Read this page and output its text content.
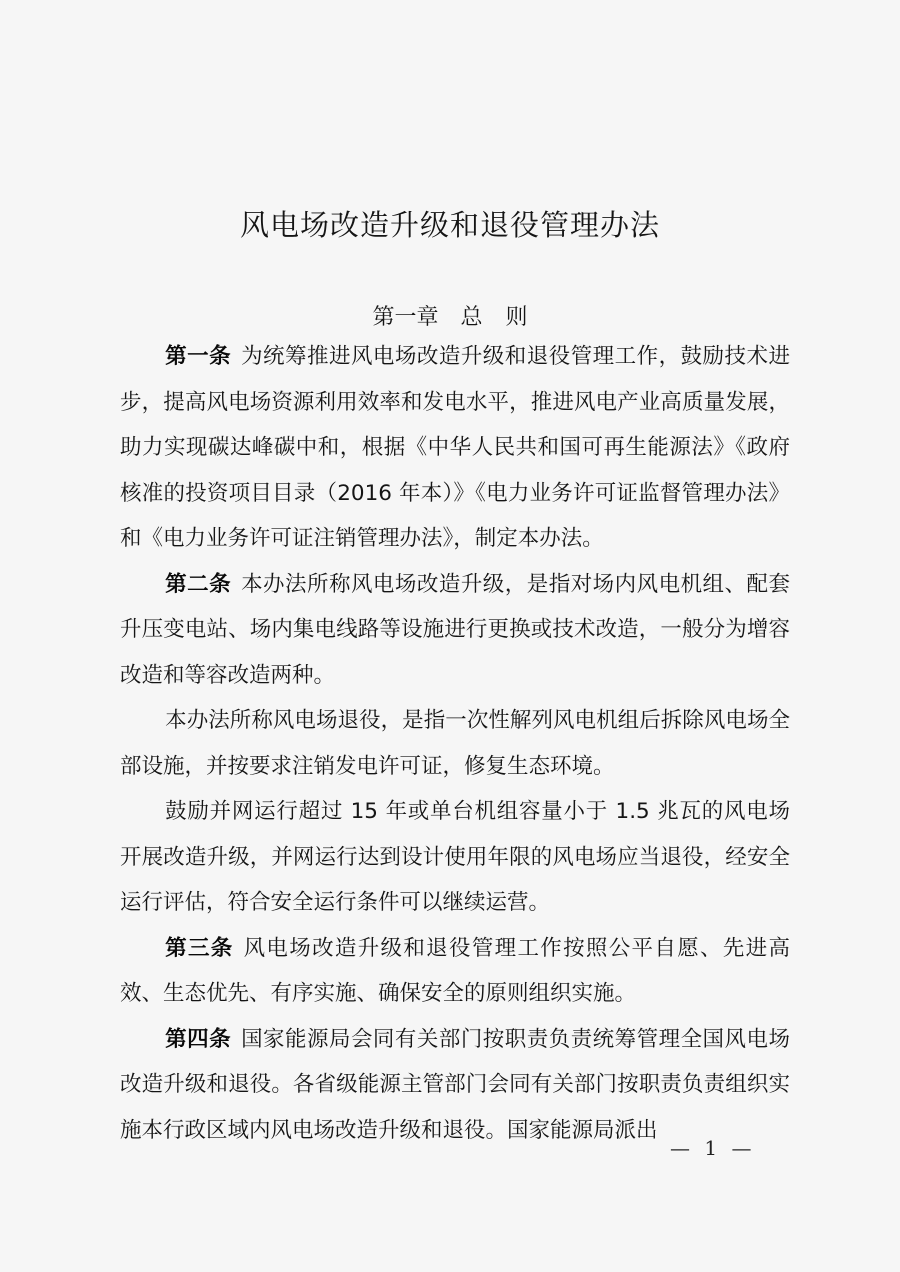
风电场改造升级和退役管理办法
第一章　总 则

第一条 为统筹推进风电场改造升级和退役管理工作，鼓励技术进步，提高风电场资源利用效率和发电水平，推进风电产业高质量发展，助力实现碳达峰碳中和，根据《中华人民共和国可再生能源法》《政府核准的投资项目目录（2016 年本）》《电力业务许可证监督管理办法》和《电力业务许可证注销管理办法》，制定本办法。

第二条 本办法所称风电场改造升级，是指对场内风电机组、配套升压变电站、场内集电线路等设施进行更换或技术改造，一般分为增容改造和等容改造两种。

本办法所称风电场退役，是指一次性解列风电机组后拆除风电场全部设施，并按要求注销发电许可证，修复生态环境。

鼓励并网运行超过 15 年或单台机组容量小于 1.5 兆瓦的风电场开展改造升级，并网运行达到设计使用年限的风电场应当退役，经安全运行评估，符合安全运行条件可以继续运营。

第三条 风电场改造升级和退役管理工作按照公平自愿、先进高效、生态优先、有序实施、确保安全的原则组织实施。

第四条 国家能源局会同有关部门按职责负责统筹管理全国风电场改造升级和退役。各省级能源主管部门会同有关部门按职责负责组织实施本行政区域内风电场改造升级和退役。国家能源局派出

— 1 —
